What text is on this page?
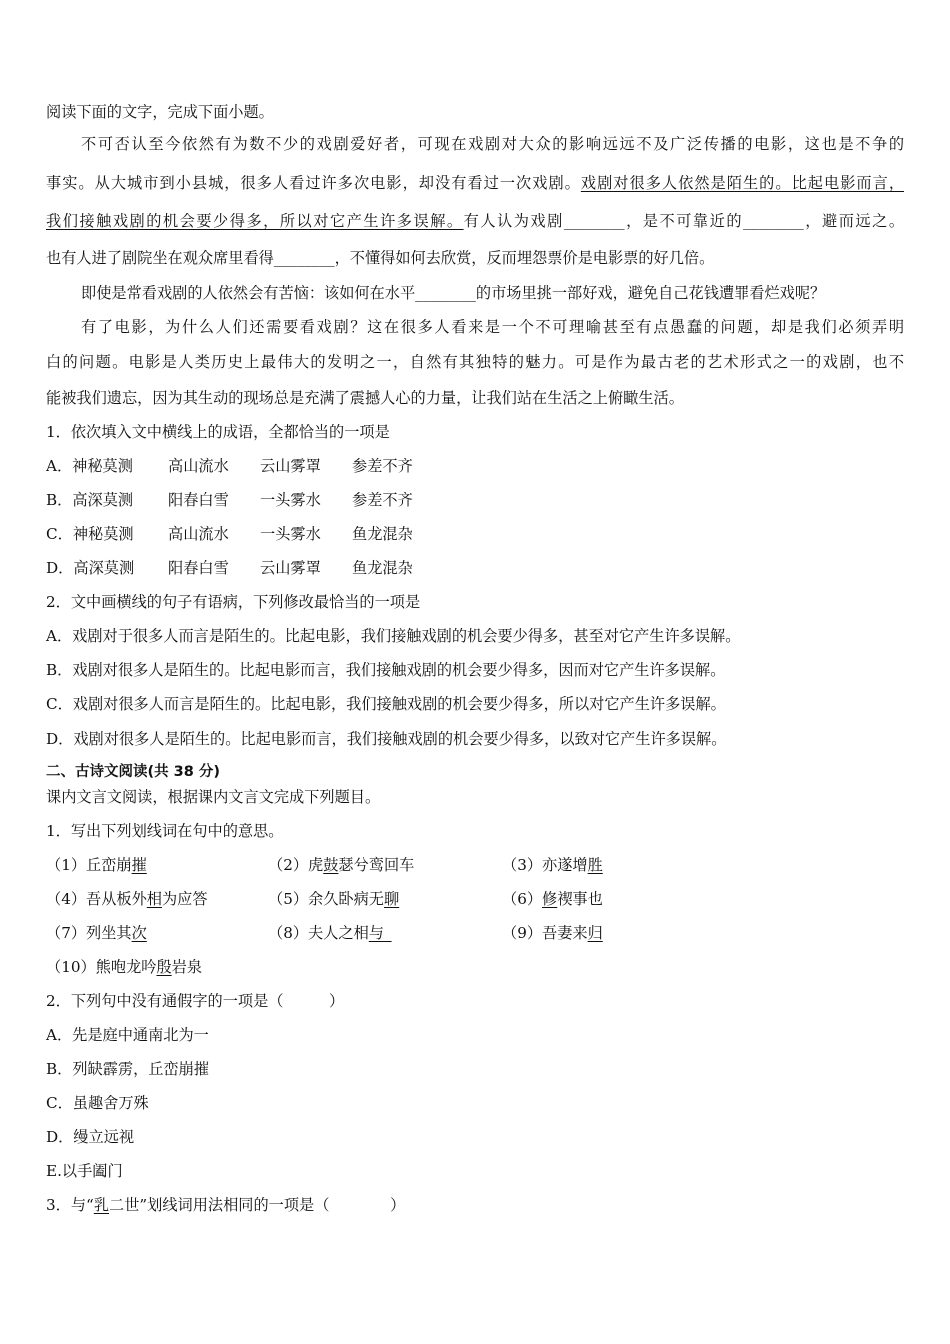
阅读下面的文字，完成下面小题。

不可否认至今依然有为数不少的戏剧爱好者，可现在戏剧对大众的影响远远不及广泛传播的电影，这也是不争的

事实。从大城市到小县城，很多人看过许多次电影，却没有看过一次戏剧。戏剧对很多人依然是陌生的。比起电影而言，

我们接触戏剧的机会要少得多，所以对它产生许多误解。有人认为戏剧________，是不可靠近的________，避而远之。

也有人进了剧院坐在观众席里看得________，不懂得如何去欣赏，反而埋怨票价是电影票的好几倍。

即使是常看戏剧的人依然会有苦恼：该如何在水平________的市场里挑一部好戏，避免自己花钱遭罪看烂戏呢？

有了电影，为什么人们还需要看戏剧？这在很多人看来是一个不可理喻甚至有点愚蠢的问题，却是我们必须弄明

白的问题。电影是人类历史上最伟大的发明之一，自然有其独特的魅力。可是作为最古老的艺术形式之一的戏剧，也不

能被我们遗忘，因为其生动的现场总是充满了震撼人心的力量，让我们站在生活之上俯瞰生活。

1．依次填入文中横线上的成语，全都恰当的一项是

A．神秘莫测 高山流水 云山雾罩 参差不齐

B．高深莫测 阳春白雪 一头雾水 参差不齐

C．神秘莫测 高山流水 一头雾水 鱼龙混杂

D．高深莫测 阳春白雪 云山雾罩 鱼龙混杂

2．文中画横线的句子有语病，下列修改最恰当的一项是

A．戏剧对于很多人而言是陌生的。比起电影，我们接触戏剧的机会要少得多，甚至对它产生许多误解。

B．戏剧对很多人是陌生的。比起电影而言，我们接触戏剧的机会要少得多，因而对它产生许多误解。

C．戏剧对很多人而言是陌生的。比起电影，我们接触戏剧的机会要少得多，所以对它产生许多误解。

D．戏剧对很多人是陌生的。比起电影而言，我们接触戏剧的机会要少得多，以致对它产生许多误解。

二、古诗文阅读(共 38 分)

课内文言文阅读，根据课内文言文完成下列题目。

1．写出下列划线词在句中的意思。

（1）丘峦崩摧	（2）虎鼓瑟兮鸾回车	（3）亦遂增胜
（4）吾从板外相为应答	（5）余久卧病无聊	（6）修禊事也
（7）列坐其次	（8）夫人之相与 	（9）吾妻来归
（10）熊咆龙吟殷岩泉

2．下列句中没有通假字的一项是（　　　）

A．先是庭中通南北为一

B．列缺霹雳，丘峦崩摧

C．虽趣舍万殊

D．缦立远视

E.以手阖门

3．与“乳二世”划线词用法相同的一项是（　　　　）
